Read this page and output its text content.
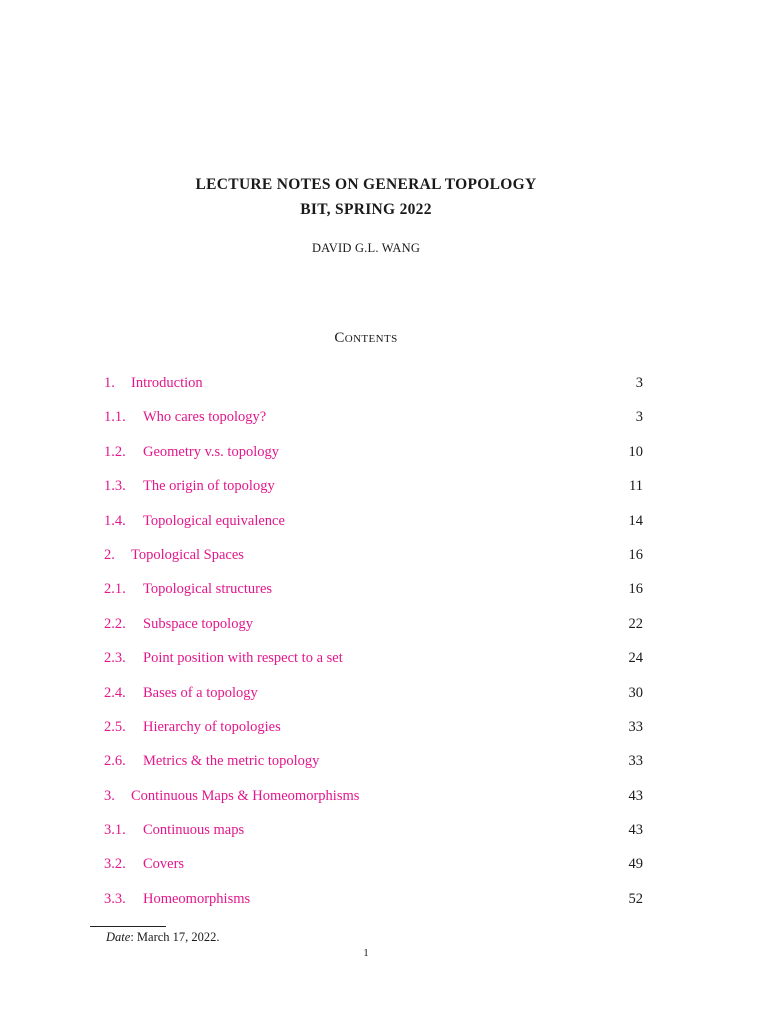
LECTURE NOTES ON GENERAL TOPOLOGY
BIT, SPRING 2022
DAVID G.L. WANG
Contents
1. Introduction	3
1.1. Who cares topology?	3
1.2. Geometry v.s. topology	10
1.3. The origin of topology	11
1.4. Topological equivalence	14
2. Topological Spaces	16
2.1. Topological structures	16
2.2. Subspace topology	22
2.3. Point position with respect to a set	24
2.4. Bases of a topology	30
2.5. Hierarchy of topologies	33
2.6. Metrics & the metric topology	33
3. Continuous Maps & Homeomorphisms	43
3.1. Continuous maps	43
3.2. Covers	49
3.3. Homeomorphisms	52
Date: March 17, 2022.
1
